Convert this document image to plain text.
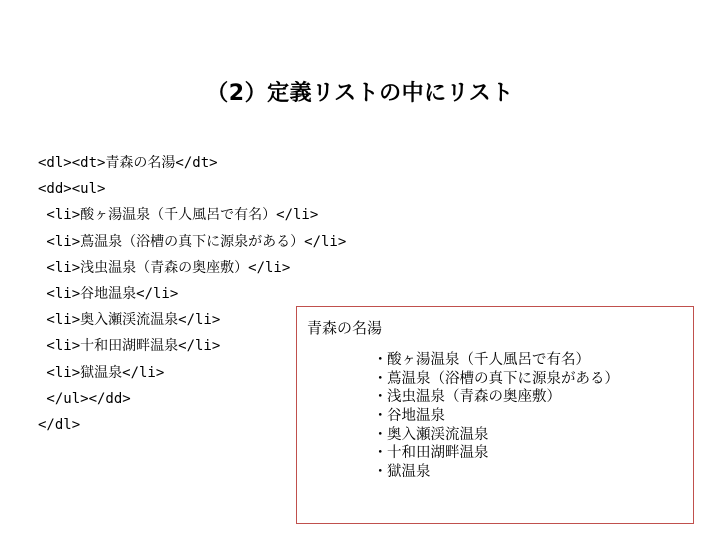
（2）定義リストの中にリスト
<dl><dt>青森の名湯</dt>
<dd><ul>
<li>酸ヶ湯温泉（千人風呂で有名）</li>
<li>蔦温泉（浴槽の真下に源泉がある）</li>
<li>浅虫温泉（青森の奥座敷）</li>
<li>谷地温泉</li>
<li>奥入瀬渓流温泉</li>
<li>十和田湖畔温泉</li>
<li>獄温泉</li>
</ul></dd>
</dl>
青森の名湯
・酸ヶ湯温泉（千人風呂で有名）
・蔦温泉（浴槽の真下に源泉がある）
・浅虫温泉（青森の奥座敷）
・谷地温泉
・奥入瀬渓流温泉
・十和田湖畔温泉
・獄温泉
